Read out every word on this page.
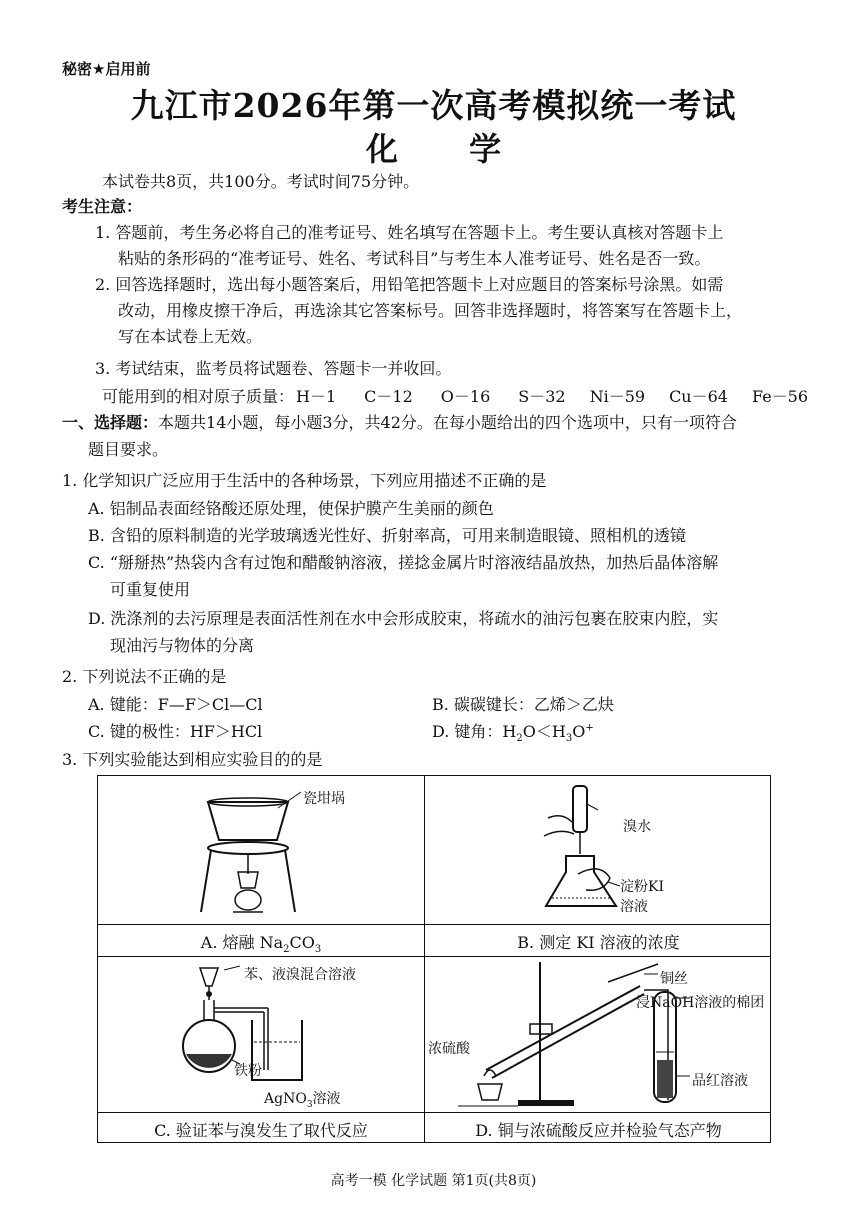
秘密★启用前
九江市2026年第一次高考模拟统一考试
化 学
本试卷共8页，共100分。考试时间75分钟。
考生注意：
1. 答题前，考生务必将自己的准考证号、姓名填写在答题卡上。考生要认真核对答题卡上
粘贴的条形码的“准考证号、姓名、考试科目”与考生本人准考证号、姓名是否一致。
2. 回答选择题时，选出每小题答案后，用铅笔把答题卡上对应题目的答案标号涂黑。如需
改动，用橡皮擦干净后，再选涂其它答案标号。回答非选择题时，将答案写在答题卡上，
写在本试卷上无效。
3. 考试结束，监考员将试题卷、答题卡一并收回。
可能用到的相对原子质量： H－1 C－12 O－16 S－32 Ni－59 Cu－64 Fe－56
一、选择题：本题共14小题，每小题3分，共42分。在每小题给出的四个选项中，只有一项符合
题目要求。
1. 化学知识广泛应用于生活中的各种场景，下列应用描述不正确的是
A. 铝制品表面经铬酸还原处理，使保护膜产生美丽的颜色
B. 含铅的原料制造的光学玻璃透光性好、折射率高，可用来制造眼镜、照相机的透镜
C. “掰掰热”热袋内含有过饱和醋酸钠溶液，搓捻金属片时溶液结晶放热，加热后晶体溶解
可重复使用
D. 洗涤剂的去污原理是表面活性剂在水中会形成胶束，将疏水的油污包裹在胶束内腔，实
现油污与物体的分离
2. 下列说法不正确的是
A. 键能：F—F＞Cl—Cl	B. 碳碳键长：乙烯＞乙炔
C. 键的极性：HF＞HCl	D. 键角：$H_2O<H_3O^+$
3. 下列实验能达到相应实验目的的是
瓷坩埚
A. 熔融 $Na_2CO_3$
溴水
淀粉KI
溶液
B. 测定 KI 溶液的浓度
苯、液溴混合溶液
铁粉
AgNO$_3$溶液
C. 验证苯与溴发生了取代反应
铜丝
浸NaOH溶液的棉团
浓硫酸
品红溶液
D. 铜与浓硫酸反应并检验气态产物
高考一模 化学试题 第1页(共8页)
